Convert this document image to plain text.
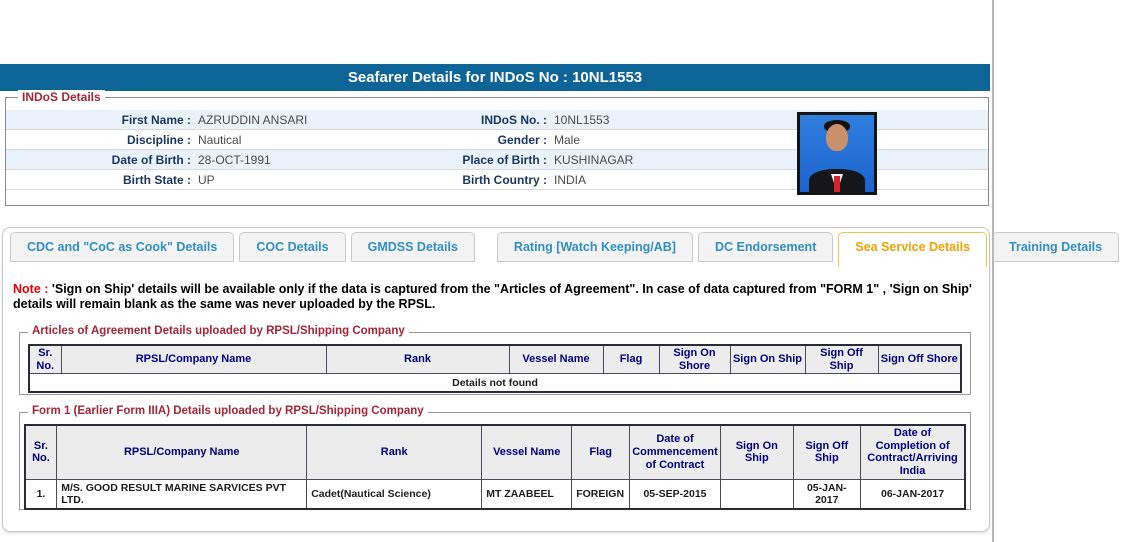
Seafarer Details for INDoS No : 10NL1553
INDoS Details
First Name : AZRUDDIN ANSARI	INDoS No. : 10NL1553
Discipline : Nautical	Gender : Male
Date of Birth : 28-OCT-1991	Place of Birth : KUSHINAGAR
Birth State : UP	Birth Country : INDIA
CDC and "CoC as Cook" Details	COC Details	GMDSS Details	Rating [Watch Keeping/AB]	DC Endorsement	Sea Service Details	Training Details
Note : 'Sign on Ship' details will be available only if the data is captured from the "Articles of Agreement". In case of data captured from "FORM 1" , 'Sign on Ship' details will remain blank as the same was never uploaded by the RPSL.
Articles of Agreement Details uploaded by RPSL/Shipping Company
Sr. No.	RPSL/Company Name	Rank	Vessel Name	Flag	Sign On Shore	Sign On Ship	Sign Off Ship	Sign Off Shore
Details not found
Form 1 (Earlier Form IIIA) Details uploaded by RPSL/Shipping Company
Sr. No.	RPSL/Company Name	Rank	Vessel Name	Flag	Date of Commencement of Contract	Sign On Ship	Sign Off Ship	Date of Completion of Contract/Arriving India
1.	M/S. GOOD RESULT MARINE SARVICES PVT LTD.	Cadet(Nautical Science)	MT ZAABEEL	FOREIGN	05-SEP-2015		05-JAN-2017	06-JAN-2017
